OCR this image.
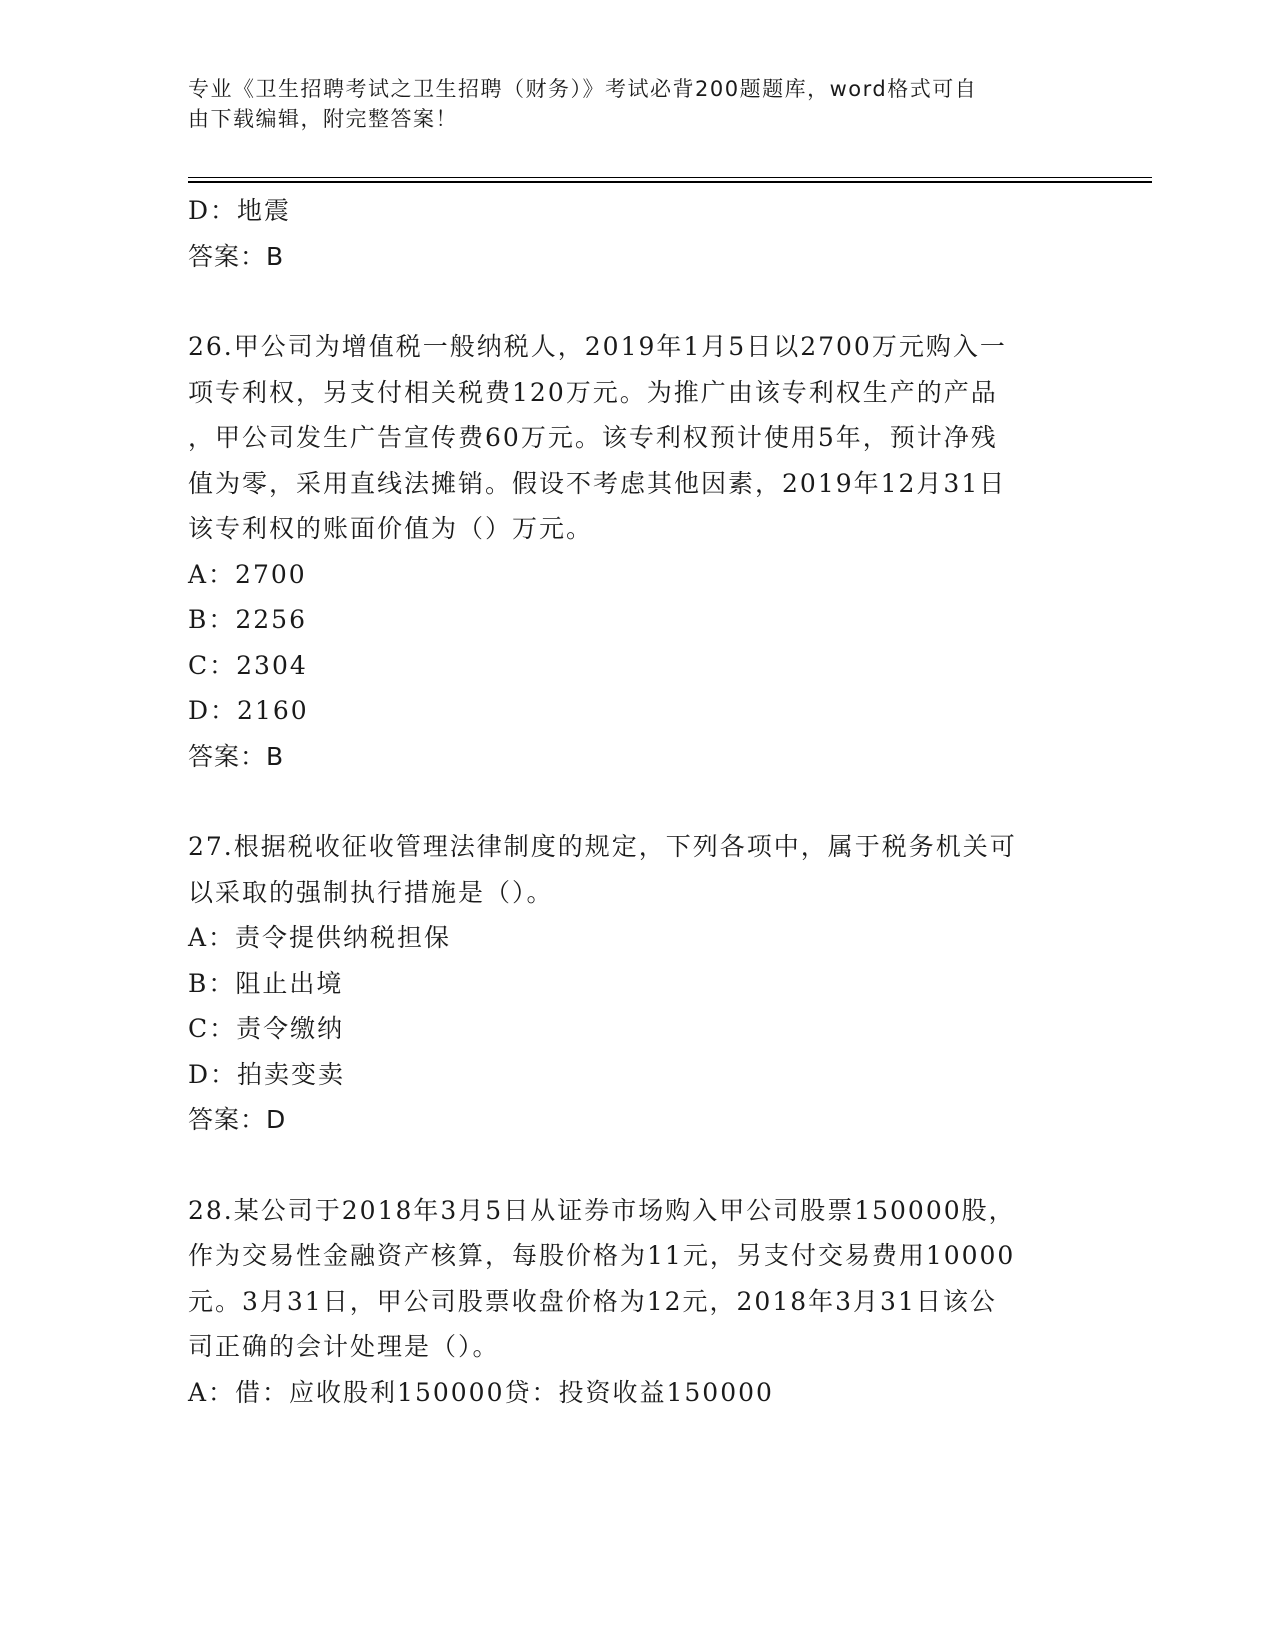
专业《卫生招聘考试之卫生招聘（财务）》考试必背200题题库，word格式可自
由下载编辑，附完整答案！
D：地震
答案：B
26.甲公司为增值税一般纳税人，2019年1月5日以2700万元购入一
项专利权，另支付相关税费120万元。为推广由该专利权生产的产品
，甲公司发生广告宣传费60万元。该专利权预计使用5年，预计净残
值为零，采用直线法摊销。假设不考虑其他因素，2019年12月31日
该专利权的账面价值为（）万元。
A：2700
B：2256
C：2304
D：2160
答案：B
27.根据税收征收管理法律制度的规定，下列各项中，属于税务机关可
以采取的强制执行措施是（）。
A：责令提供纳税担保
B：阻止出境
C：责令缴纳
D：拍卖变卖
答案：D
28.某公司于2018年3月5日从证券市场购入甲公司股票150000股，
作为交易性金融资产核算，每股价格为11元，另支付交易费用10000
元。3月31日，甲公司股票收盘价格为12元，2018年3月31日该公
司正确的会计处理是（）。
A：借：应收股利150000贷：投资收益150000
